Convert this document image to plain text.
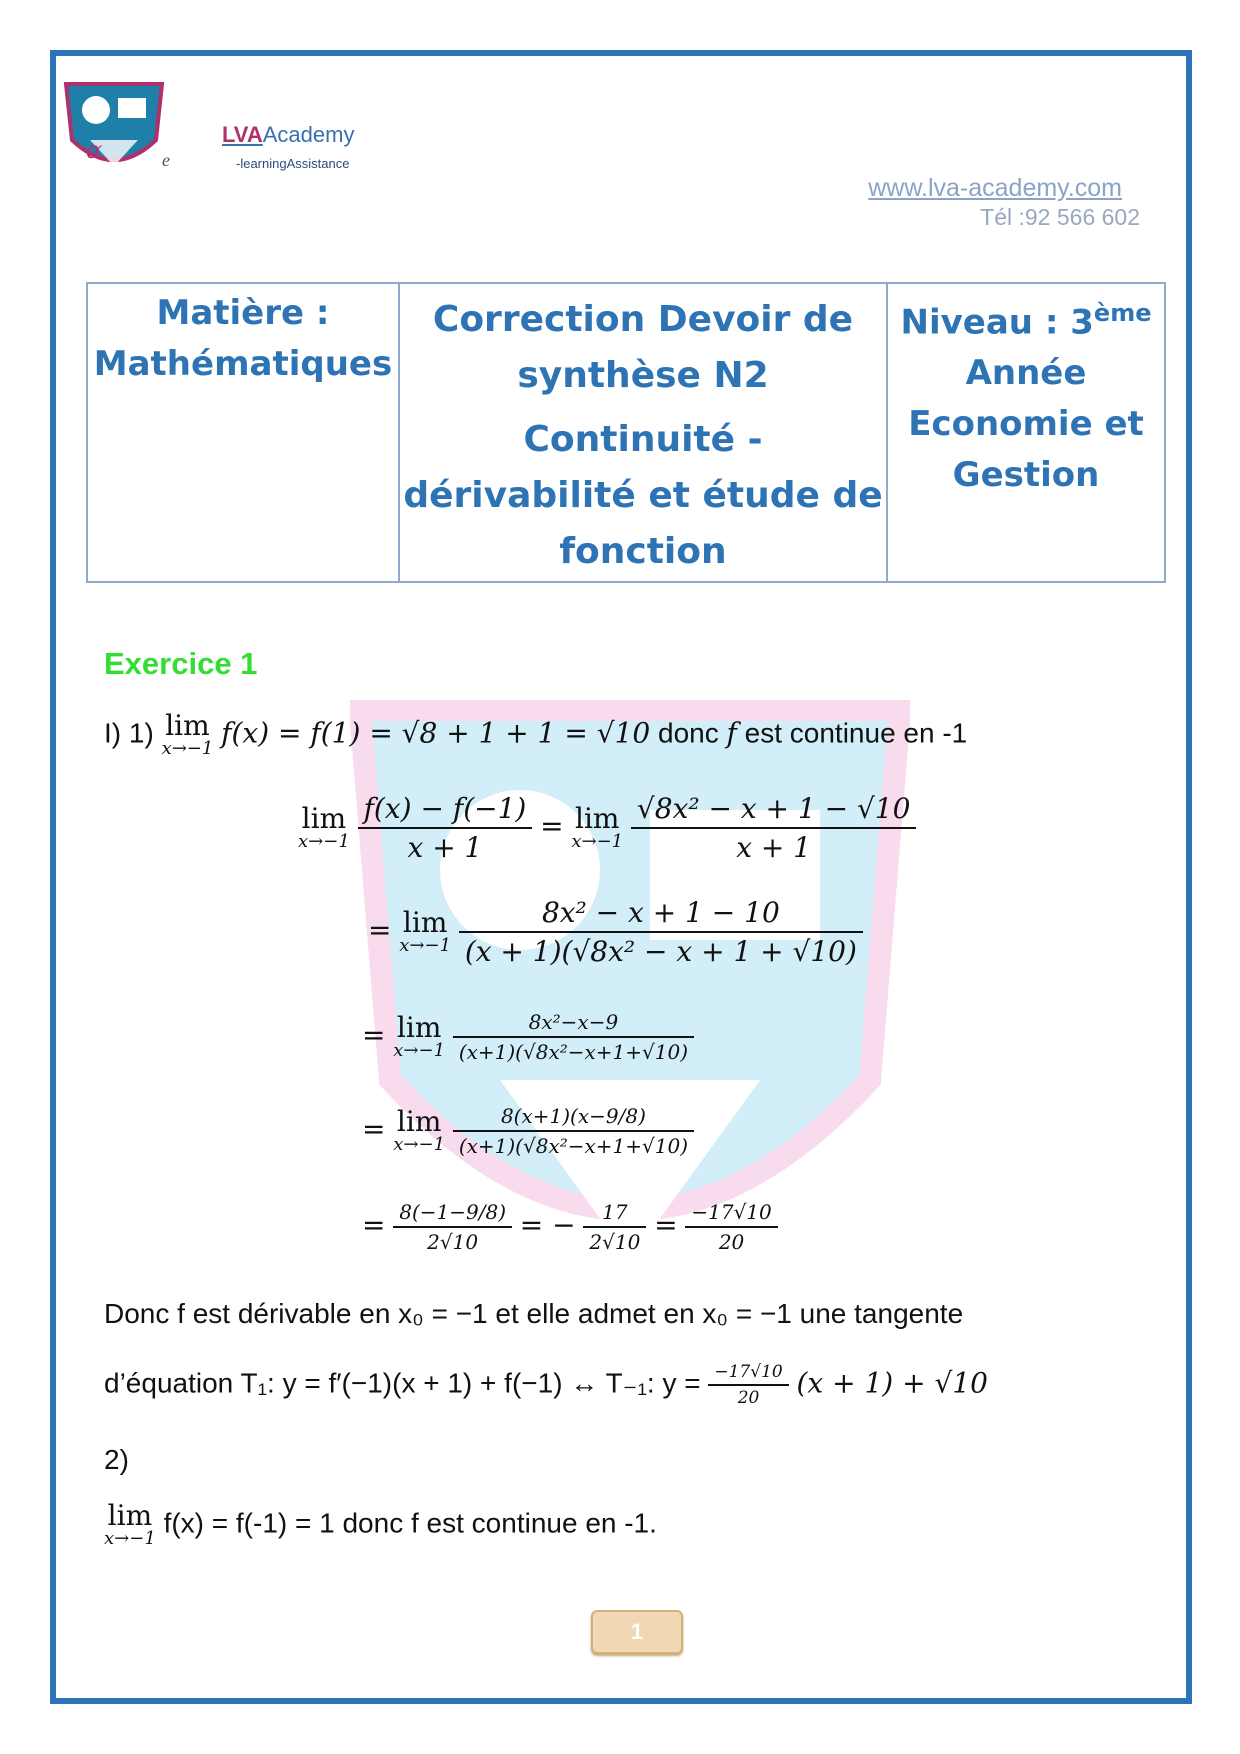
α
LVAAcademy
-learningAssistance
e
www.lva-academy.com
Tél :92 566 602
Matière :
Mathématiques

Correction Devoir de
synthèse N2
Continuité -
dérivabilité et étude de
fonction

Niveau : 3ème
Année
Economie et
Gestion
Exercice 1
I) 1) lim
x→−1 f(x) = f(1) = √8 + 1 + 1 = √10 donc f est continue en -1
lim
x→−1
$\frac{f(x) - f(-1)}{x + 1} = \lim$
x→−1
$\frac{\text{√8x² − x + 1 − √10}}{x + 1}$
= lim
x→−1
$\frac{\text{8x² − x + 1 − 10}}{\text{(x + 1)(√8x² − x + 1 + √10)}}$
= lim
x→−1
$\frac{\text{8x²−x−9}}{\text{(x+1)(√8x²−x+1+√10)}}$
= lim
x→−1
$\frac{8(x+1)(x-9/8)}{\text{(x+1)(√8x²−x+1+√10)}}$
= $\frac{8(-1-9/8)}{2√10}$ = − $\frac{17}{2√10} = \frac{-17√10}{20}$
Donc f est dérivable en x₀ = −1 et elle admet en x₀ = −1 une tangente
d’équation T₁: y = f′(−1)(x + 1) + f(−1) ↔ T₋₁: $y = \frac{-17√10}{20} (x + 1) + √10$
2)
lim
x→−1
f(x) = f(-1) = 1 donc f est continue en -1.
1
